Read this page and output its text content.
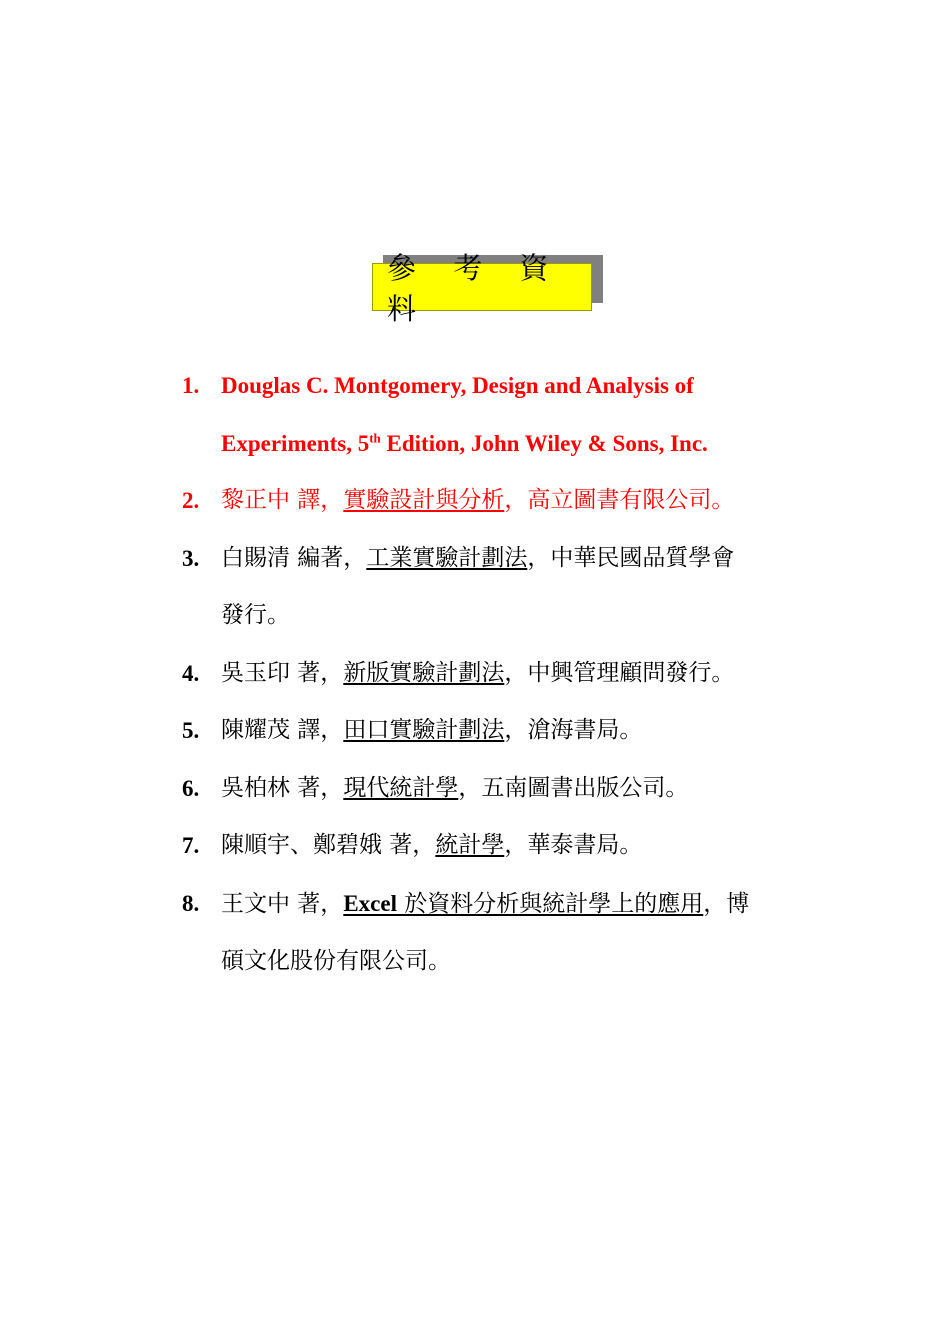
參 考 資 料
1. Douglas C. Montgomery, Design and Analysis of
Experiments, 5th Edition, John Wiley & Sons, Inc.
2. 黎正中 譯，實驗設計與分析，高立圖書有限公司。
3. 白賜清 編著，工業實驗計劃法，中華民國品質學會
發行。
4. 吳玉印 著，新版實驗計劃法，中興管理顧問發行。
5. 陳耀茂 譯，田口實驗計劃法，滄海書局。
6. 吳柏林 著，現代統計學，五南圖書出版公司。
7. 陳順宇、鄭碧娥 著，統計學，華泰書局。
8. 王文中 著，Excel 於資料分析與統計學上的應用，博
碩文化股份有限公司。
